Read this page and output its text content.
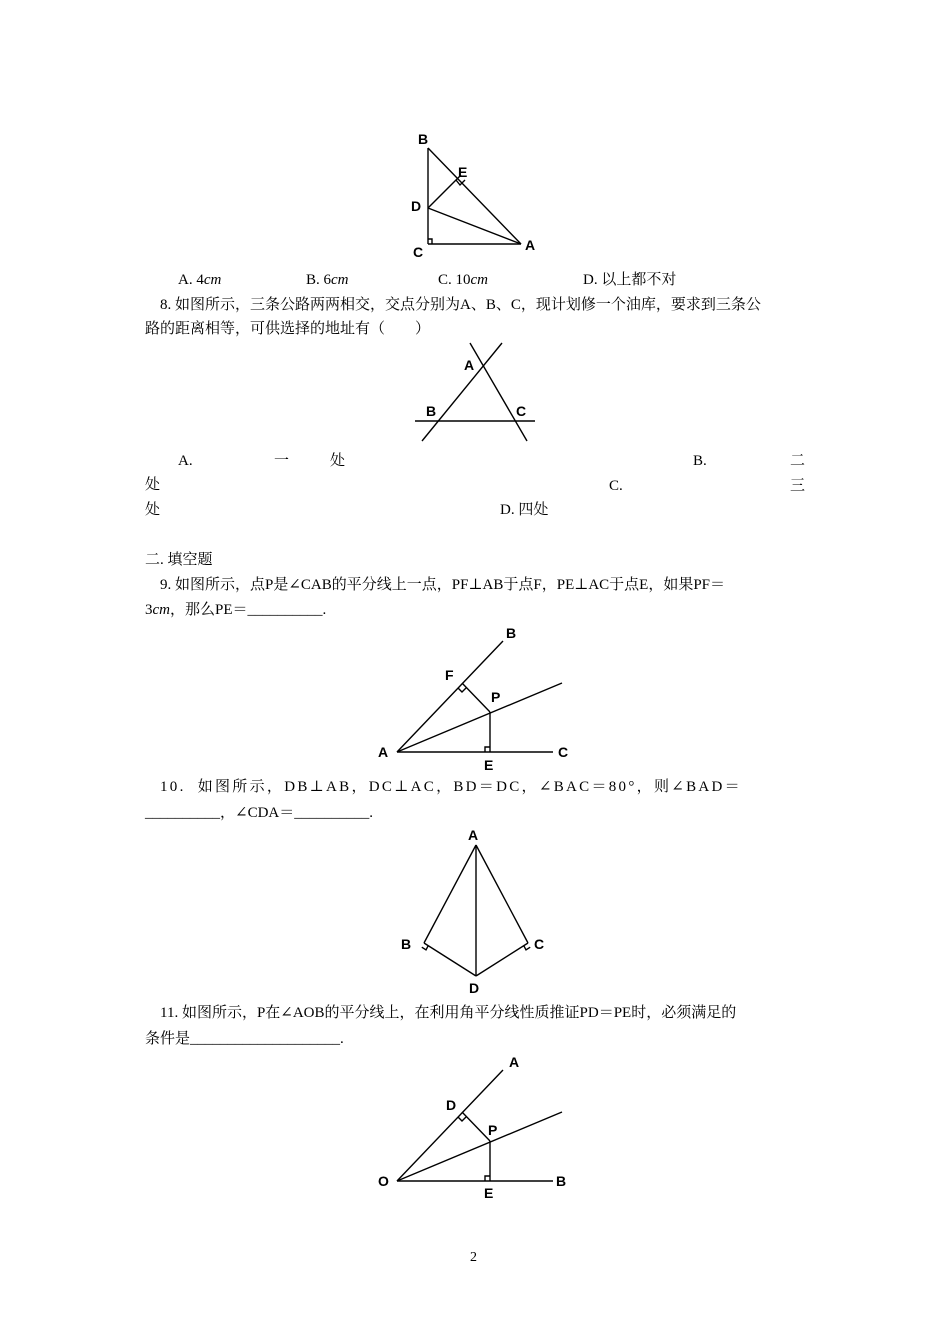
B
E
D
C	A
A. 4cm	B. 6cm	C. 10cm	D. 以上都不对
8. 如图所示，三条公路两两相交，交点分别为A、B、C，现计划修一个油库，要求到三条公
路的距离相等，可供选择的地址有（　　）
A
B	C
A.	一	处	B.	二
处	C.	三
处	D. 四处
二. 填空题
9. 如图所示，点P是∠CAB的平分线上一点，PF⊥AB于点F，PE⊥AC于点E，如果PF＝
3cm，那么PE＝__________.
B
F
P
A
E
C
10. 如图所示，DB⊥AB，DC⊥AC，BD＝DC，∠BAC＝80°，则∠BAD＝
__________，∠CDA＝__________.
A
B	C
D
11. 如图所示，P在∠AOB的平分线上，在利用角平分线性质推证PD＝PE时，必须满足的
条件是____________________.
A
D
P
O
E
B
2
